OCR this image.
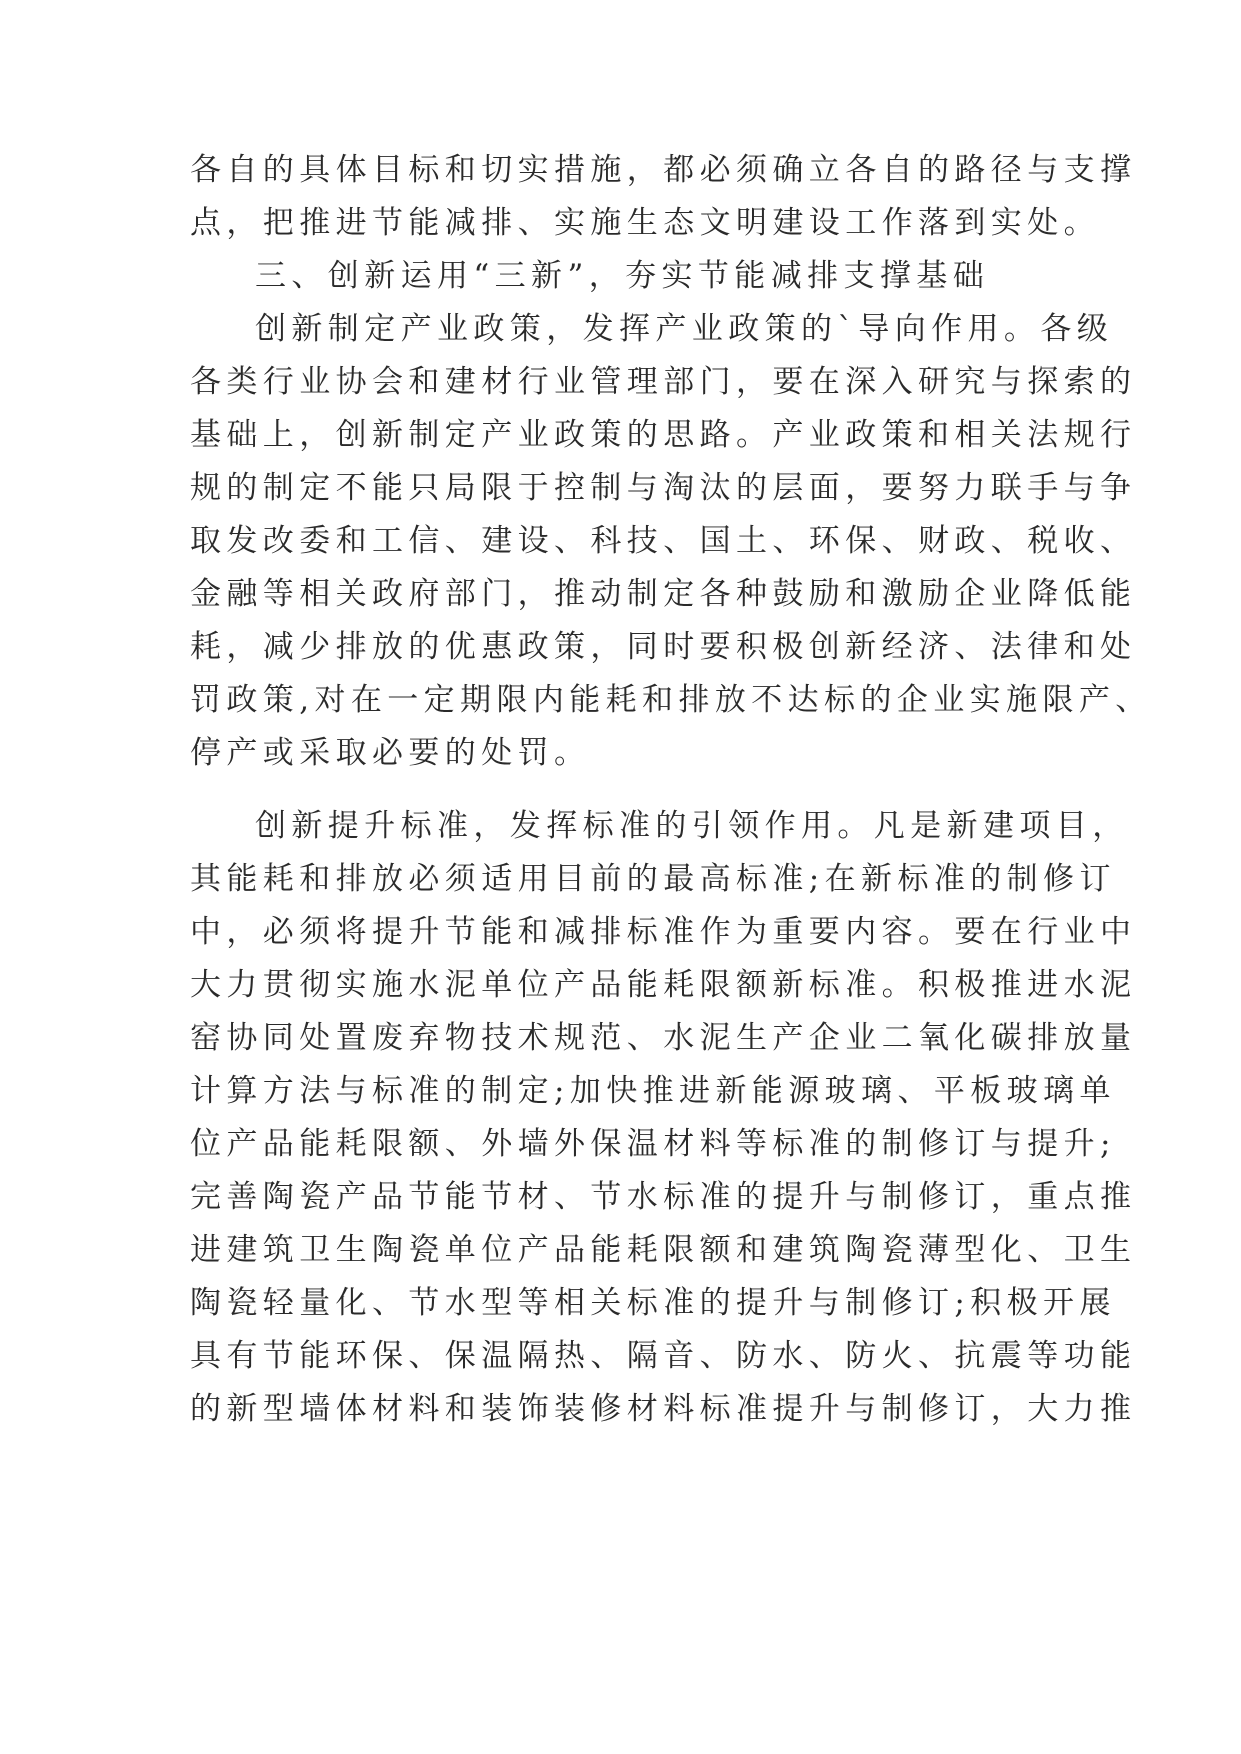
各自的具体目标和切实措施，都必须确立各自的路径与支撑
点，把推进节能减排、实施生态文明建设工作落到实处。
三、创新运用“三新”，夯实节能减排支撑基础
创新制定产业政策，发挥产业政策的`导向作用。各级
各类行业协会和建材行业管理部门，要在深入研究与探索的
基础上，创新制定产业政策的思路。产业政策和相关法规行
规的制定不能只局限于控制与淘汰的层面，要努力联手与争
取发改委和工信、建设、科技、国土、环保、财政、税收、
金融等相关政府部门，推动制定各种鼓励和激励企业降低能
耗，减少排放的优惠政策，同时要积极创新经济、法律和处
罚政策,对在一定期限内能耗和排放不达标的企业实施限产、
停产或采取必要的处罚。
创新提升标准，发挥标准的引领作用。凡是新建项目，
其能耗和排放必须适用目前的最高标准;在新标准的制修订
中，必须将提升节能和减排标准作为重要内容。要在行业中
大力贯彻实施水泥单位产品能耗限额新标准。积极推进水泥
窑协同处置废弃物技术规范、水泥生产企业二氧化碳排放量
计算方法与标准的制定;加快推进新能源玻璃、平板玻璃单
位产品能耗限额、外墙外保温材料等标准的制修订与提升;
完善陶瓷产品节能节材、节水标准的提升与制修订，重点推
进建筑卫生陶瓷单位产品能耗限额和建筑陶瓷薄型化、卫生
陶瓷轻量化、节水型等相关标准的提升与制修订;积极开展
具有节能环保、保温隔热、隔音、防水、防火、抗震等功能
的新型墙体材料和装饰装修材料标准提升与制修订，大力推
